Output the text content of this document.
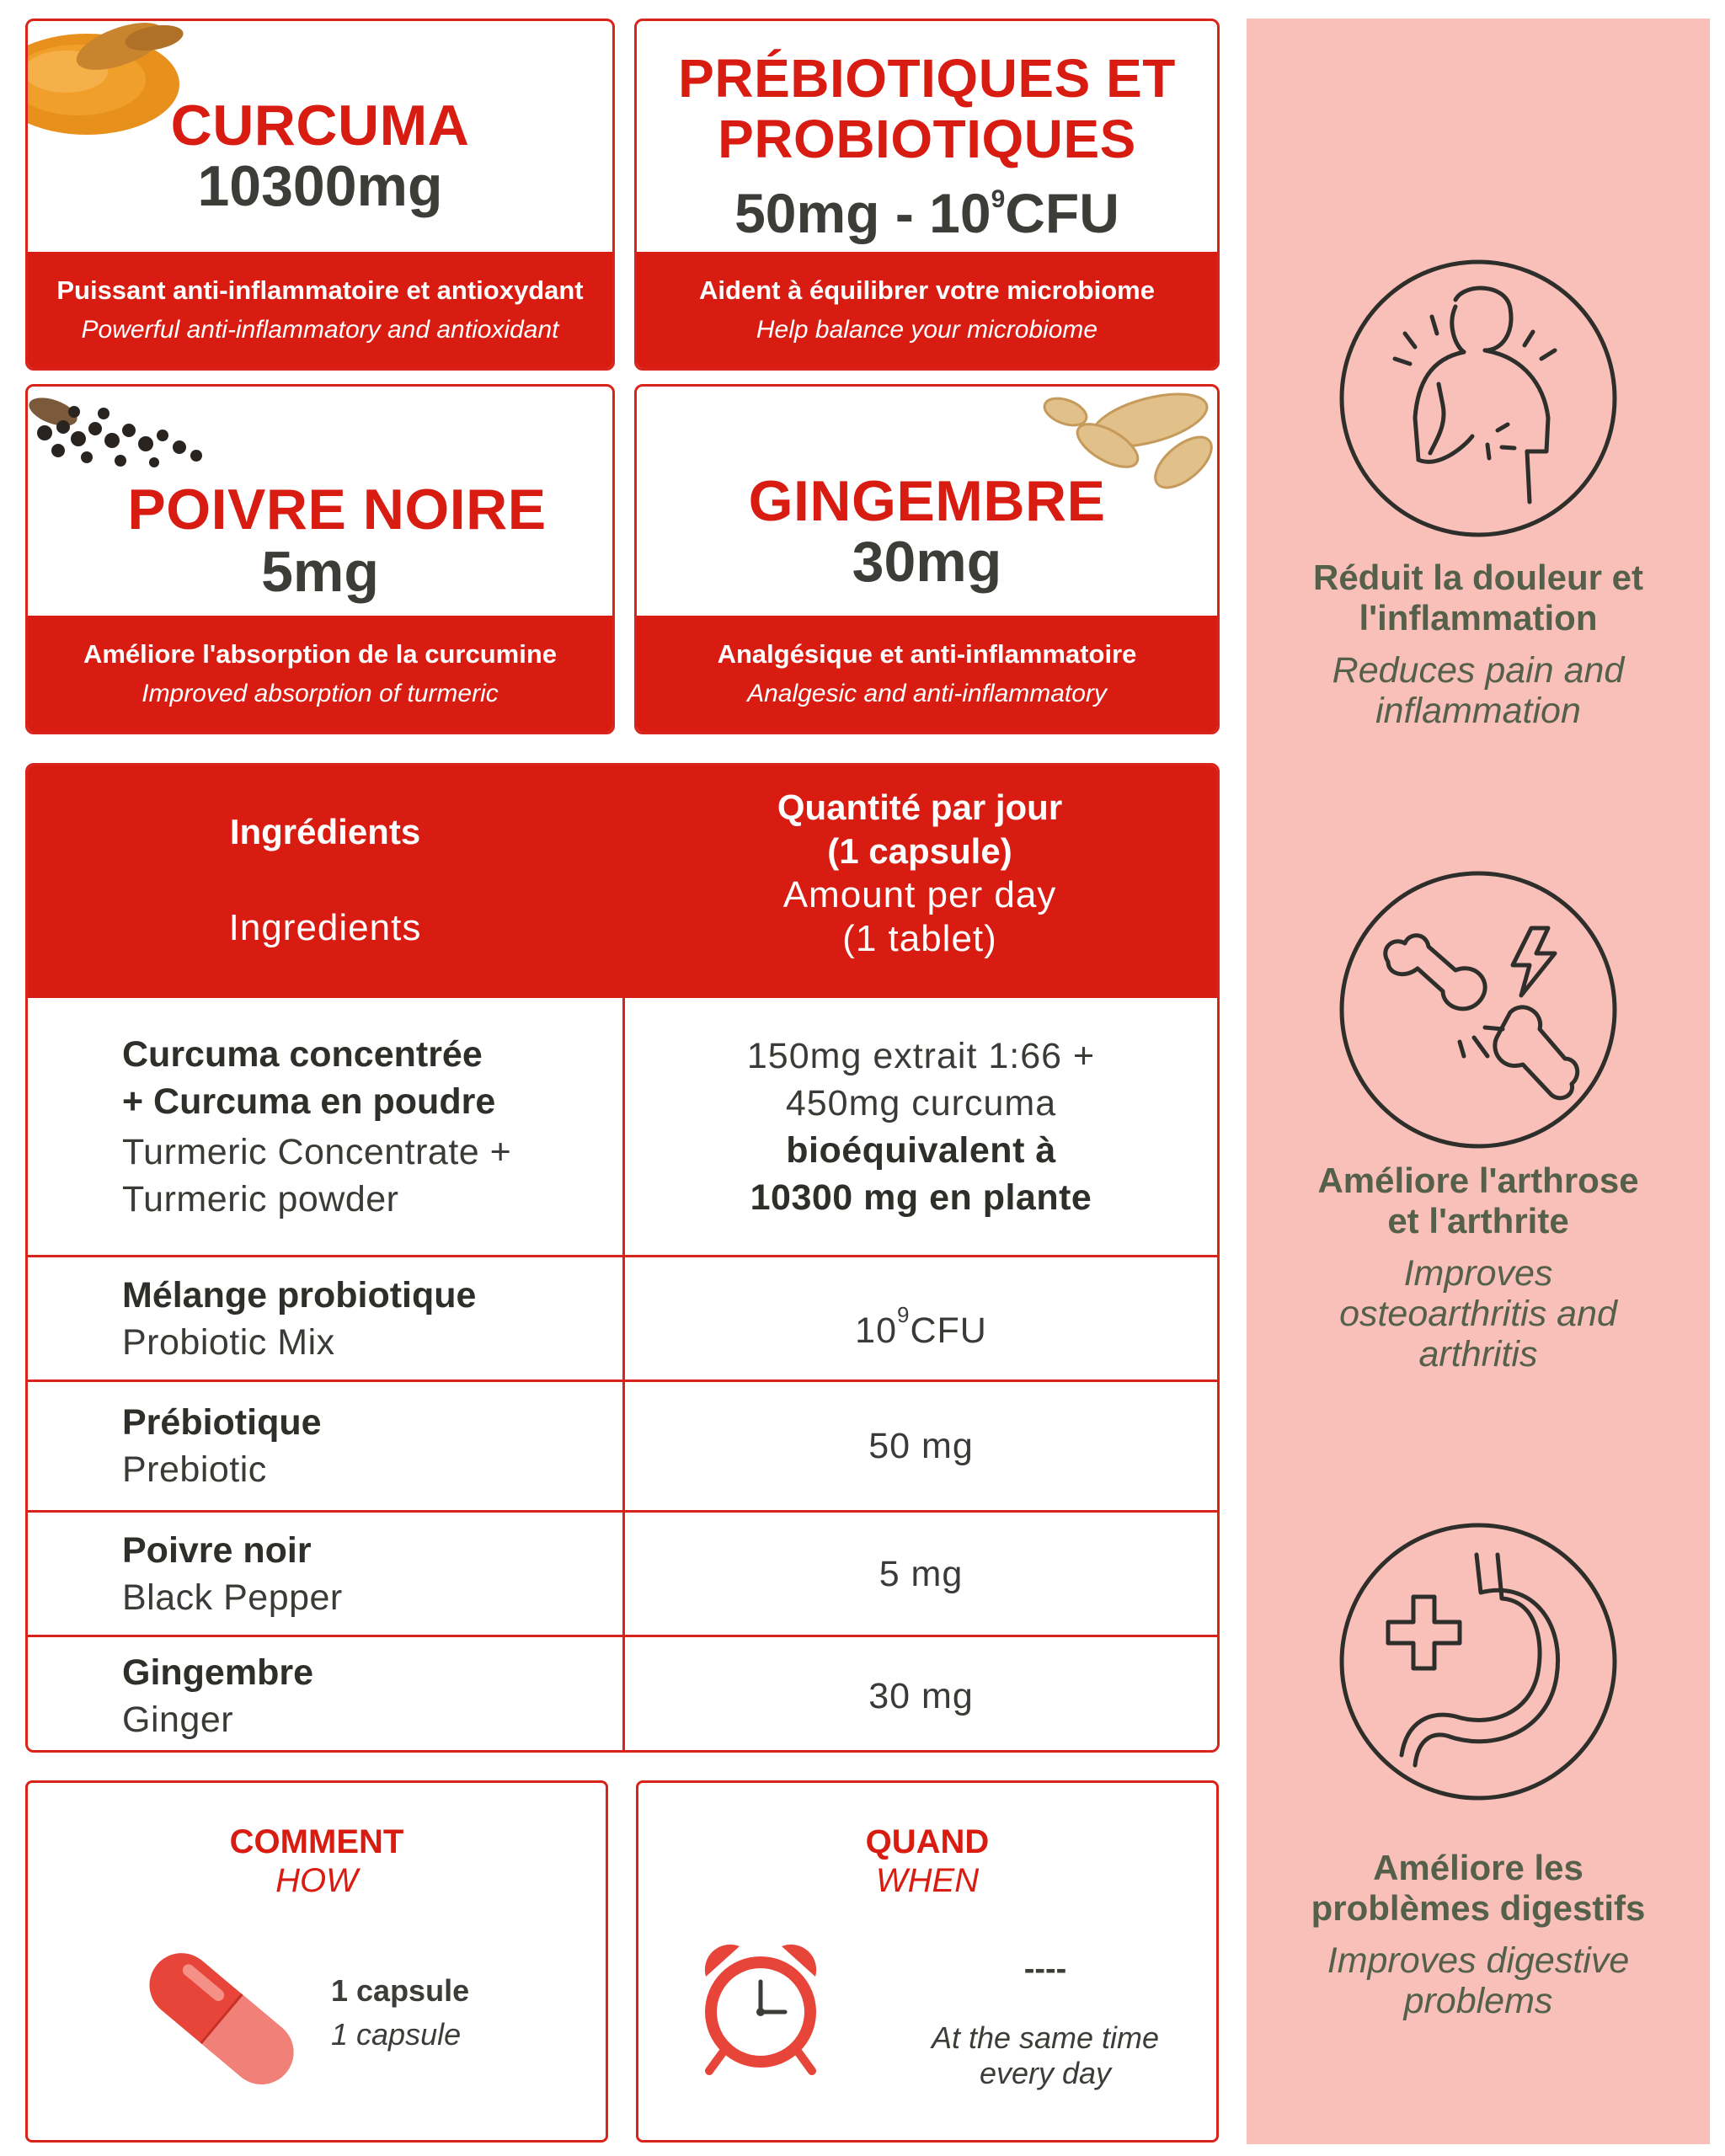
CURCUMA
10300mg
Puissant anti-inflammatoire et antioxydant
Powerful anti-inflammatory and antioxidant
PRÉBIOTIQUES ET
PROBIOTIQUES
$50mg - 10^9CFU$
Aident à équilibrer votre microbiome
Help balance your microbiome
POIVRE NOIRE
5mg
Améliore l'absorption de la curcumine
Improved absorption of turmeric
GINGEMBRE
30mg
Analgésique et anti-inflammatoire
Analgesic and anti-inflammatory
Ingrédients
Ingredients
Quantité par jour
(1 capsule)
Amount per day
(1 tablet)
Curcuma concentrée
+ Curcuma en poudre
Turmeric Concentrate +
Turmeric powder
150mg extrait 1:66 +
450mg curcuma
bioéquivalent à
10300 mg en plante
Mélange probiotique
Probiotic Mix	$10^9CFU$
Prébiotique
Prebiotic
50 mg
Poivre noir
Black Pepper
5 mg
Gingembre
Ginger
30 mg
COMMENT
HOW
1 capsule
1 capsule
QUAND
WHEN
----
At the same time
every day
Réduit la douleur et
l'inflammation
Reduces pain and
inflammation
Améliore l'arthrose
et l'arthrite
Improves
osteoarthritis and
arthritis
Améliore les
problèmes digestifs
Improves digestive
problems
